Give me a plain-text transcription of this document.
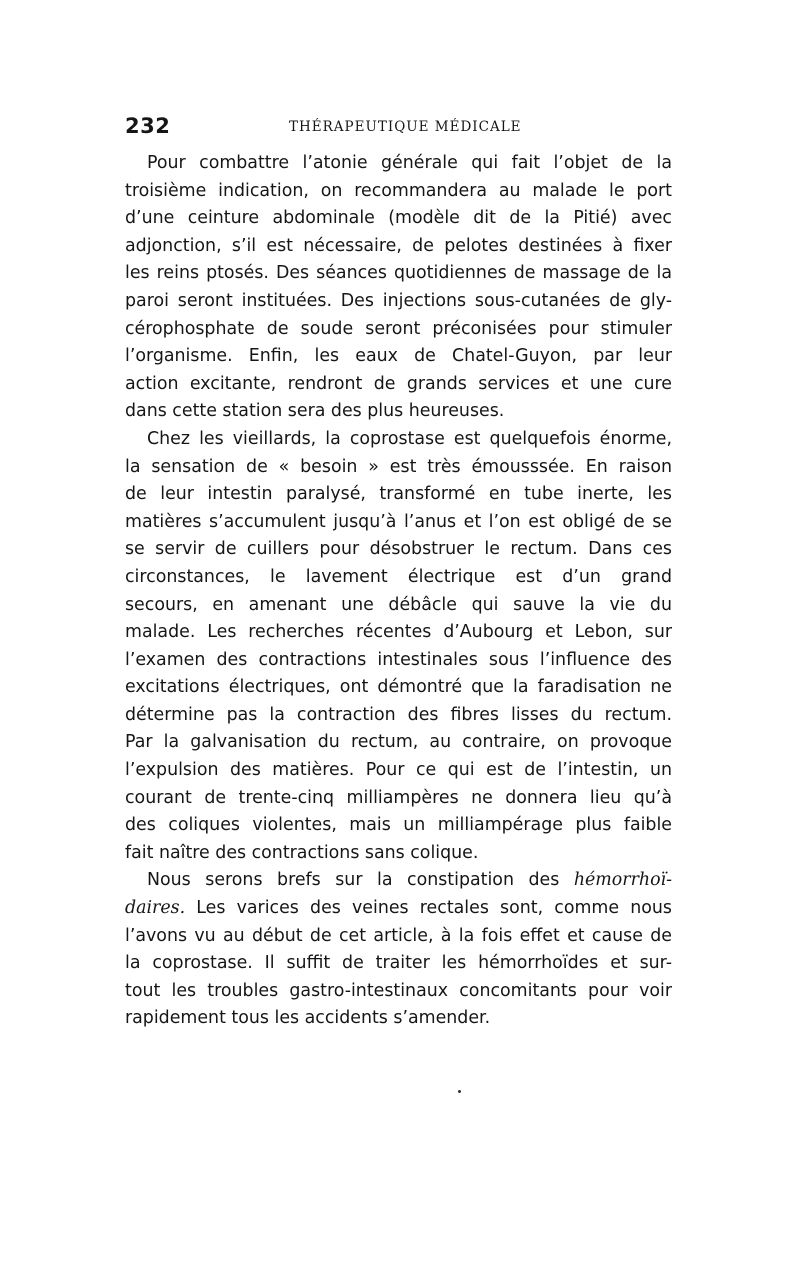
232	THÉRAPEUTIQUE MÉDICALE
Pour combattre l’atonie générale qui fait l’objet de la
troisième indication, on recommandera au malade le port
d’une ceinture abdominale (modèle dit de la Pitié) avec
adjonction, s’il est nécessaire, de pelotes destinées à fixer
les reins ptosés. Des séances quotidiennes de massage de la
paroi seront instituées. Des injections sous-cutanées de gly-
cérophosphate de soude seront préconisées pour stimuler
l’organisme. Enfin, les eaux de Chatel-Guyon, par leur
action excitante, rendront de grands services et une cure
dans cette station sera des plus heureuses.
Chez les vieillards, la coprostase est quelquefois énorme,
la sensation de « besoin » est très émousssée. En raison
de leur intestin paralysé, transformé en tube inerte, les
matières s’accumulent jusqu’à l’anus et l’on est obligé de se
se servir de cuillers pour désobstruer le rectum. Dans ces
circonstances, le lavement électrique est d’un grand
secours, en amenant une débâcle qui sauve la vie du
malade. Les recherches récentes d’Aubourg et Lebon, sur
l’examen des contractions intestinales sous l’influence des
excitations électriques, ont démontré que la faradisation ne
détermine pas la contraction des fibres lisses du rectum.
Par la galvanisation du rectum, au contraire, on provoque
l’expulsion des matières. Pour ce qui est de l’intestin, un
courant de trente-cinq milliampères ne donnera lieu qu’à
des coliques violentes, mais un milliampérage plus faible
fait naître des contractions sans colique.
Nous serons brefs sur la constipation des hémorrhoï-
daires. Les varices des veines rectales sont, comme nous
l’avons vu au début de cet article, à la fois effet et cause de
la coprostase. Il suffit de traiter les hémorrhoïdes et sur-
tout les troubles gastro-intestinaux concomitants pour voir
rapidement tous les accidents s’amender.
